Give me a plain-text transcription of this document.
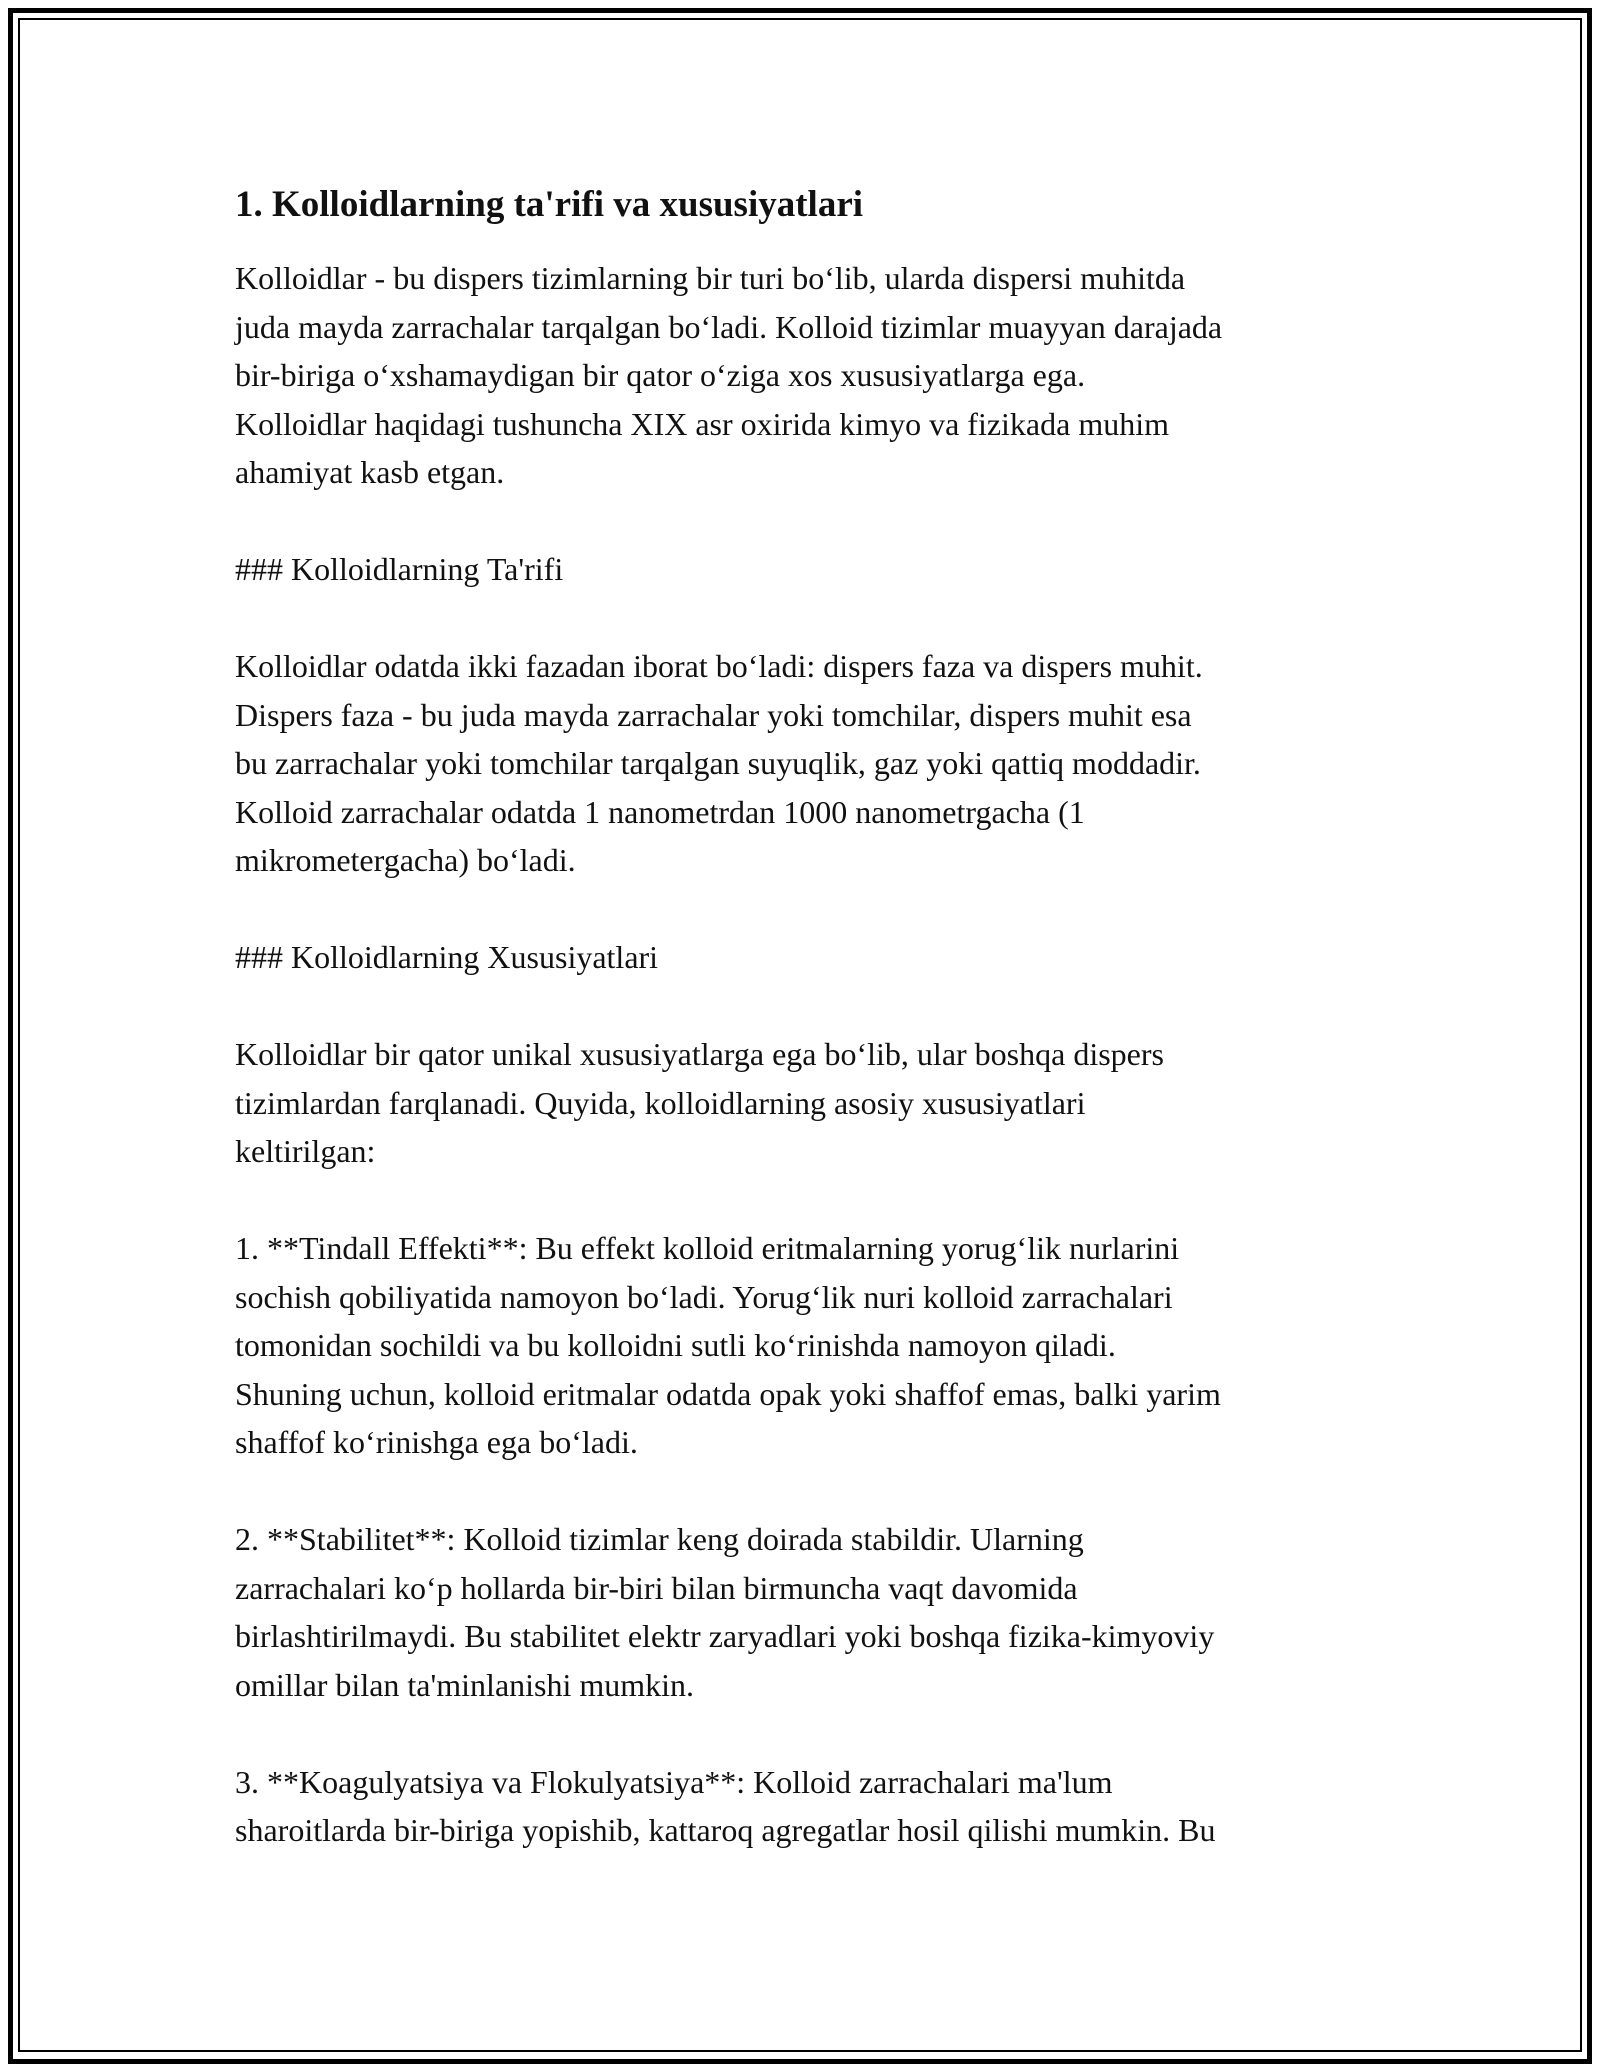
1. Kolloidlarning ta'rifi va xususiyatlari

Kolloidlar - bu dispers tizimlarning bir turi bo‘lib, ularda dispersi muhitda
juda mayda zarrachalar tarqalgan bo‘ladi. Kolloid tizimlar muayyan darajada
bir-biriga o‘xshamaydigan bir qator o‘ziga xos xususiyatlarga ega.
Kolloidlar haqidagi tushuncha XIX asr oxirida kimyo va fizikada muhim
ahamiyat kasb etgan.

### Kolloidlarning Ta'rifi

Kolloidlar odatda ikki fazadan iborat bo‘ladi: dispers faza va dispers muhit.
Dispers faza - bu juda mayda zarrachalar yoki tomchilar, dispers muhit esa
bu zarrachalar yoki tomchilar tarqalgan suyuqlik, gaz yoki qattiq moddadir.
Kolloid zarrachalar odatda 1 nanometrdan 1000 nanometrgacha (1
mikrometergacha) bo‘ladi.

### Kolloidlarning Xususiyatlari

Kolloidlar bir qator unikal xususiyatlarga ega bo‘lib, ular boshqa dispers
tizimlardan farqlanadi. Quyida, kolloidlarning asosiy xususiyatlari
keltirilgan:

1. **Tindall Effekti**: Bu effekt kolloid eritmalarning yorug‘lik nurlarini
sochish qobiliyatida namoyon bo‘ladi. Yorug‘lik nuri kolloid zarrachalari
tomonidan sochildi va bu kolloidni sutli ko‘rinishda namoyon qiladi.
Shuning uchun, kolloid eritmalar odatda opak yoki shaffof emas, balki yarim
shaffof ko‘rinishga ega bo‘ladi.

2. **Stabilitet**: Kolloid tizimlar keng doirada stabildir. Ularning
zarrachalari ko‘p hollarda bir-biri bilan birmuncha vaqt davomida
birlashtirilmaydi. Bu stabilitet elektr zaryadlari yoki boshqa fizika-kimyoviy
omillar bilan ta'minlanishi mumkin.

3. **Koagulyatsiya va Flokulyatsiya**: Kolloid zarrachalari ma'lum
sharoitlarda bir-biriga yopishib, kattaroq agregatlar hosil qilishi mumkin. Bu
